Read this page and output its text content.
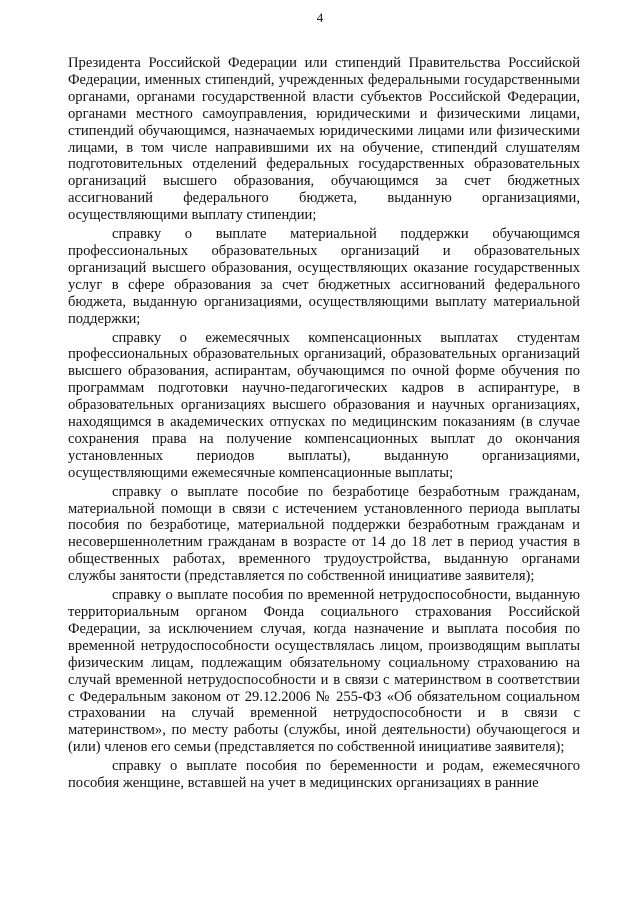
4

Президента Российской Федерации или стипендий Правительства Российской Федерации, именных стипендий, учрежденных федеральными государственными органами, органами государственной власти субъектов Российской Федерации, органами местного самоуправления, юридическими и физическими лицами, стипендий обучающимся, назначаемых юридическими лицами или физическими лицами, в том числе направившими их на обучение, стипендий слушателям подготовительных отделений федеральных государственных образовательных организаций высшего образования, обучающимся за счет бюджетных ассигнований федерального бюджета, выданную организациями, осуществляющими выплату стипендии;

справку о выплате материальной поддержки обучающимся профессиональных образовательных организаций и образовательных организаций высшего образования, осуществляющих оказание государственных услуг в сфере образования за счет бюджетных ассигнований федерального бюджета, выданную организациями, осуществляющими выплату материальной поддержки;

справку о ежемесячных компенсационных выплатах студентам профессиональных образовательных организаций, образовательных организаций высшего образования, аспирантам, обучающимся по очной форме обучения по программам подготовки научно-педагогических кадров в аспирантуре, в образовательных организациях высшего образования и научных организациях, находящимся в академических отпусках по медицинским показаниям (в случае сохранения права на получение компенсационных выплат до окончания установленных периодов выплаты), выданную организациями, осуществляющими ежемесячные компенсационные выплаты;

справку о выплате пособие по безработице безработным гражданам, материальной помощи в связи с истечением установленного периода выплаты пособия по безработице, материальной поддержки безработным гражданам и несовершеннолетним гражданам в возрасте от 14 до 18 лет в период участия в общественных работах, временного трудоустройства, выданную органами службы занятости (представляется по собственной инициативе заявителя);

справку о выплате пособия по временной нетрудоспособности, выданную территориальным органом Фонда социального страхования Российской Федерации, за исключением случая, когда назначение и выплата пособия по временной нетрудоспособности осуществлялась лицом, производящим выплаты физическим лицам, подлежащим обязательному социальному страхованию на случай временной нетрудоспособности и в связи с материнством в соответствии с Федеральным законом от 29.12.2006 № 255-ФЗ «Об обязательном социальном страховании на случай временной нетрудоспособности и в связи с материнством», по месту работы (службы, иной деятельности) обучающегося и (или) членов его семьи (представляется по собственной инициативе заявителя);

справку о выплате пособия по беременности и родам, ежемесячного пособия женщине, вставшей на учет в медицинских организациях в ранние
